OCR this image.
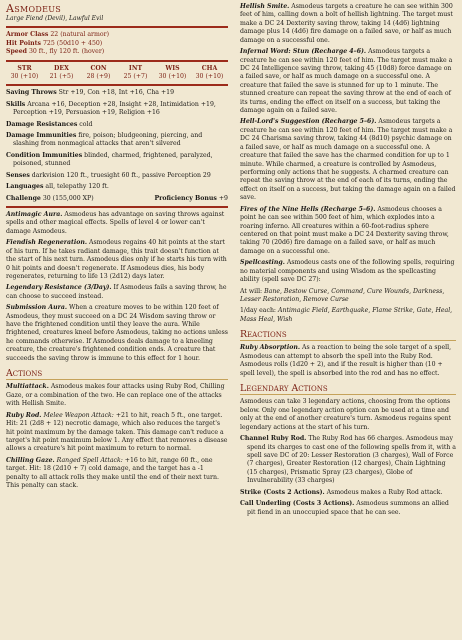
Asmodeus
Large Fiend (Devil), Lawful Evil

Armor Class 22 (natural armor)

Hit Points 725 (50d10 + 450)

Speed 30 ft., fly 120 ft. (hover)

STR
30 (+10)
DEX
21 (+5)
CON
28 (+9)
INT
25 (+7)
WIS
30 (+10)
CHA
30 (+10)

Saving Throws Str +19, Con +18, Int +16, Cha +19

Skills Arcana +16, Deception +28, Insight +28, Intimidation +19, Perception +19, Persuasion +19, Religion +16

Damage Resistances cold

Damage Immunities fire, poison; bludgeoning, piercing, and slashing from nonmagical attacks that aren't silvered

Condition Immunities blinded, charmed, frightened, paralyzed, poisoned, stunned

Senses darkvision 120 ft., truesight 60 ft., passive Perception 29

Languages all, telepathy 120 ft.

Challenge 30 (155,000 XP)	Proficiency Bonus +9

Antimagic Aura. Asmodeus has advantage on saving throws against spells and other magical effects. Spells of level 4 or lower can't damage Asmodeus.

Fiendish Regeneration. Asmodeus regains 40 hit points at the start of his turn. If he takes radiant damage, this trait doesn't function at the start of his next turn. Asmodeus dies only if he starts his turn with 0 hit points and doesn't regenerate. If Asmodeus dies, his body regenerates, returning to life 13 (2d12) days later.

Legendary Resistance (3/Day). If Asmodeus fails a saving throw, he can choose to succeed instead.

Submission Aura. When a creature moves to be within 120 feet of Asmodeus, they must succeed on a DC 24 Wisdom saving throw or have the frightened condition until they leave the aura. While frightened, creatures kneel before Asmodeus, taking no actions unless he commands otherwise. If Asmodeus deals damage to a kneeling creature, the creature's frightened condition ends. A creature that succeeds the saving throw is immune to this effect for 1 hour.

Actions

Multiattack. Asmodeus makes four attacks using Ruby Rod, Chilling Gaze, or a combination of the two. He can replace one of the attacks with Hellish Smite.

Ruby Rod. Melee Weapon Attack: +21 to hit, reach 5 ft., one target. Hit: 21 (2d8 + 12) necrotic damage, which also reduces the target's hit point maximum by the damage taken. This damage can't reduce a target's hit point maximum below 1. Any effect that removes a disease allows a creature's hit point maximum to return to normal.

Chilling Gaze. Ranged Spell Attack: +16 to hit, range 60 ft., one target. Hit: 18 (2d10 + 7) cold damage, and the target has a -1 penalty to all attack rolls they make until the end of their next turn. This penalty can stack.

Hellish Smite. Asmodeus targets a creature he can see within 300 feet of him, calling down a bolt of hellish lightning. The target must make a DC 24 Dexterity saving throw, taking 14 (4d6) lightning damage plus 14 (4d6) fire damage on a failed save, or half as much damage on a successful one.

Infernal Word: Stun (Recharge 4–6). Asmodeus targets a creature he can see within 120 feet of him. The target must make a DC 24 Intelligence saving throw, taking 45 (10d8) force damage on a failed save, or half as much damage on a successful one. A creature that failed the save is stunned for up to 1 minute. The stunned creature can repeat the saving throw at the end of each of its turns, ending the effect on itself on a success, but taking the damage again on a failed save.

Hell-Lord's Suggestion (Recharge 5–6). Asmodeus targets a creature he can see within 120 feet of him. The target must make a DC 24 Charisma saving throw, taking 44 (8d10) psychic damage on a failed save, or half as much damage on a successful one. A creature that failed the save has the charmed condition for up to 1 minute. While charmed, a creature is controlled by Asmodeus, performing only actions that he suggests. A charmed creature can repeat the saving throw at the end of each of its turns, ending the effect on itself on a success, but taking the damage again on a failed save.

Fires of the Nine Hells (Recharge 5–6). Asmodeus chooses a point he can see within 500 feet of him, which explodes into a roaring inferno. All creatures within a 60-foot-radius sphere centered on that point must make a DC 24 Dexterity saving throw, taking 70 (20d6) fire damage on a failed save, or half as much damage on a successful one.

Spellcasting. Asmodeus casts one of the following spells, requiring no material components and using Wisdom as the spellcasting ability (spell save DC 27):

At will: Bane, Bestow Curse, Command, Cure Wounds, Darkness, Lesser Restoration, Remove Curse

1/day each: Antimagic Field, Earthquake, Flame Strike, Gate, Heal, Mass Heal, Wish

Reactions

Ruby Absorption. As a reaction to being the sole target of a spell, Asmodeus can attempt to absorb the spell into the Ruby Rod. Asmodeus rolls (1d20 + 2), and if the result is higher than (10 + spell level), the spell is absorbed into the rod and has no effect.

Legendary Actions

Asmodeus can take 3 legendary actions, choosing from the options below. Only one legendary action option can be used at a time and only at the end of another creature's turn. Asmodeus regains spent legendary actions at the start of his turn.

Channel Ruby Rod. The Ruby Rod has 66 charges. Asmodeus may spend its charges to cast one of the following spells from it, with a spell save DC of 20: Lesser Restoration (3 charges), Wall of Force (7 charges), Greater Restoration (12 charges), Chain Lightning (15 charges), Prismatic Spray (23 charges), Globe of Invulnerability (33 charges)

Strike (Costs 2 Actions). Asmodeus makes a Ruby Rod attack.

Call Underling (Costs 3 Actions). Asmodeus summons an allied pit fiend in an unoccupied space that he can see.
